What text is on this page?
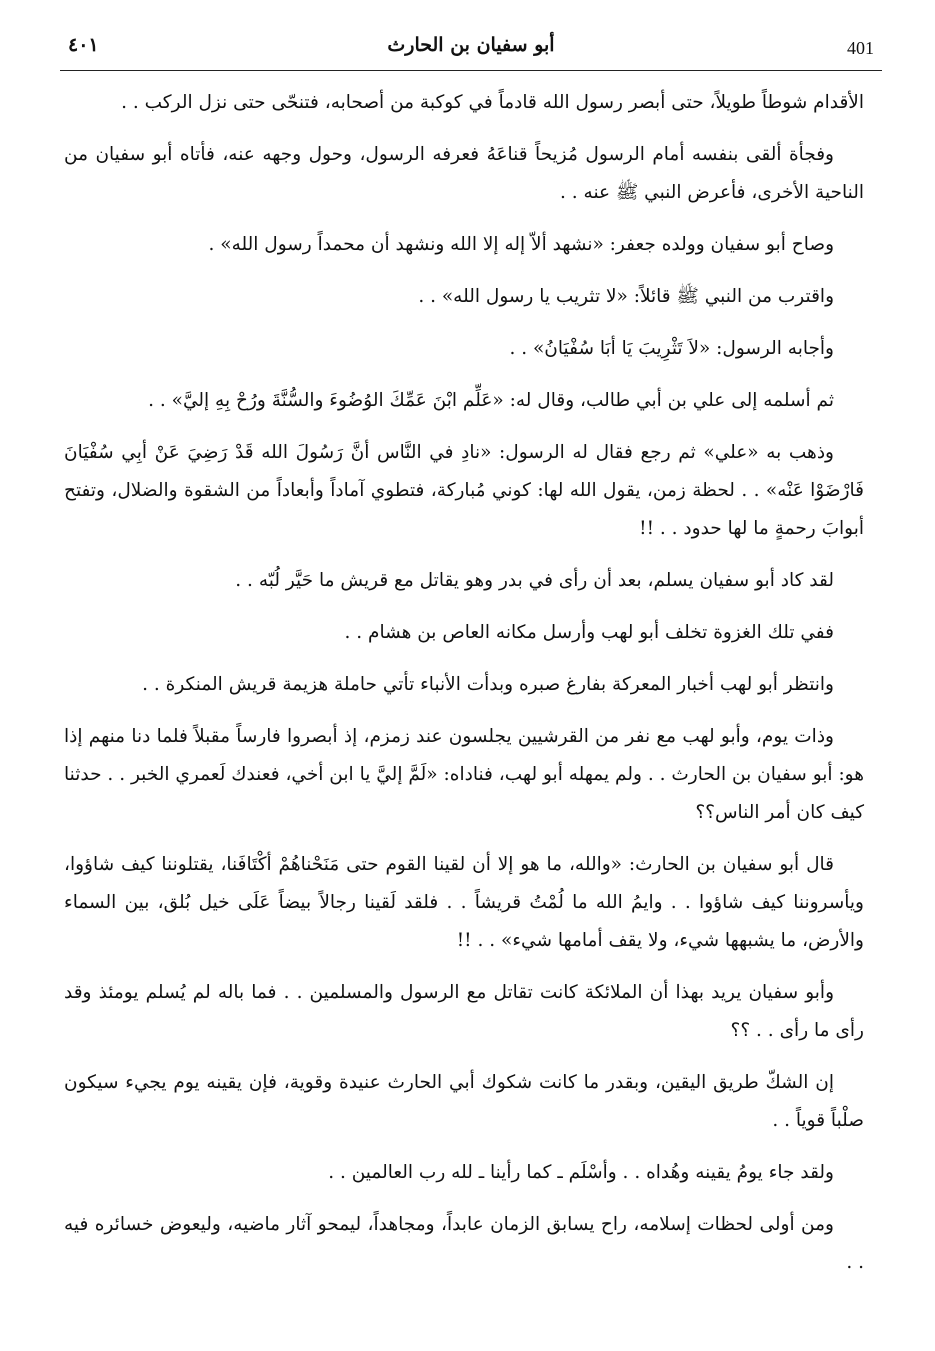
٤٠١	أبو سفيان بن الحارث	401

الأقدام شوطاً طويلاً، حتى أبصر رسول الله قادماً في كوكبة من أصحابه، فتنحّى حتى نزل الركب . .

وفجأة ألقى بنفسه أمام الرسول مُزيحاً قناعَهُ فعرفه الرسول، وحول وجهه عنه، فأتاه أبو سفيان من الناحية الأخرى، فأعرض النبي ﷺ عنه . .

وصاح أبو سفيان وولده جعفر: «نشهد ألاّ إله إلا الله ونشهد أن محمداً رسول الله» .

واقترب من النبي ﷺ قائلاً: «لا تثريب يا رسول الله» . .

وأجابه الرسول: «لاَ تَثْرِيبَ يَا أبَا سُفْيَانُ» . .

ثم أسلمه إلى علي بن أبي طالب، وقال له: «عَلِّم ابْنَ عَمِّكَ الوُضُوءَ والسُّنَّةَ ورُحْ بِهِ إليَّ» . .

وذهب به «علي» ثم رجع فقال له الرسول: «نادِ في النَّاس أنَّ رَسُولَ الله قَدْ رَضِيَ عَنْ أبِي سُفْيَانَ فَارْضَوْا عَنْه» . . لحظة زمن، يقول الله لها: كوني مُباركة، فتطوي آماداً وأبعاداً من الشقوة والضلال، وتفتح أبوابَ رحمةٍ ما لها حدود . . !!

لقد كاد أبو سفيان يسلم، بعد أن رأى في بدر وهو يقاتل مع قريش ما حَيَّر لُبّه . .

ففي تلك الغزوة تخلف أبو لهب وأرسل مكانه العاص بن هشام . .

وانتظر أبو لهب أخبار المعركة بفارغ صبره وبدأت الأنباء تأتي حاملة هزيمة قريش المنكرة . .

وذات يوم، وأبو لهب مع نفر من القرشيين يجلسون عند زمزم، إذ أبصروا فارساً مقبلاً فلما دنا منهم إذا هو: أبو سفيان بن الحارث . . ولم يمهله أبو لهب، فناداه: «لَمَّ إليَّ يا ابن أخي، فعندك لَعمري الخبر . . حدثنا كيف كان أمر الناس؟؟

قال أبو سفيان بن الحارث: «والله، ما هو إلا أن لقينا القوم حتى مَنَحْناهُمْ أكْتَافَنا، يقتلوننا كيف شاؤوا، ويأسروننا كيف شاؤوا . . وايمُ الله ما لُمْتُ قريشاً . . فلقد لَقينا رجالاً بيضاً عَلَى خيل بُلق، بين السماء والأرض، ما يشبهها شيء، ولا يقف أمامها شيء» . . !!

وأبو سفيان يريد بهذا أن الملائكة كانت تقاتل مع الرسول والمسلمين . . فما باله لم يُسلم يومئذ وقد رأى ما رأى . . ؟؟

إن الشكّ طريق اليقين، وبقدر ما كانت شكوك أبي الحارث عنيدة وقوية، فإن يقينه يوم يجيء سيكون صلْباً قوياً . .

ولقد جاء يومُ يقينه وهُداه . . وأسْلَم ـ كما رأينا ـ لله رب العالمين . .

ومن أولى لحظات إسلامه، راح يسابق الزمان عابداً، ومجاهداً، ليمحو آثار ماضيه، وليعوض خسائره فيه . .
